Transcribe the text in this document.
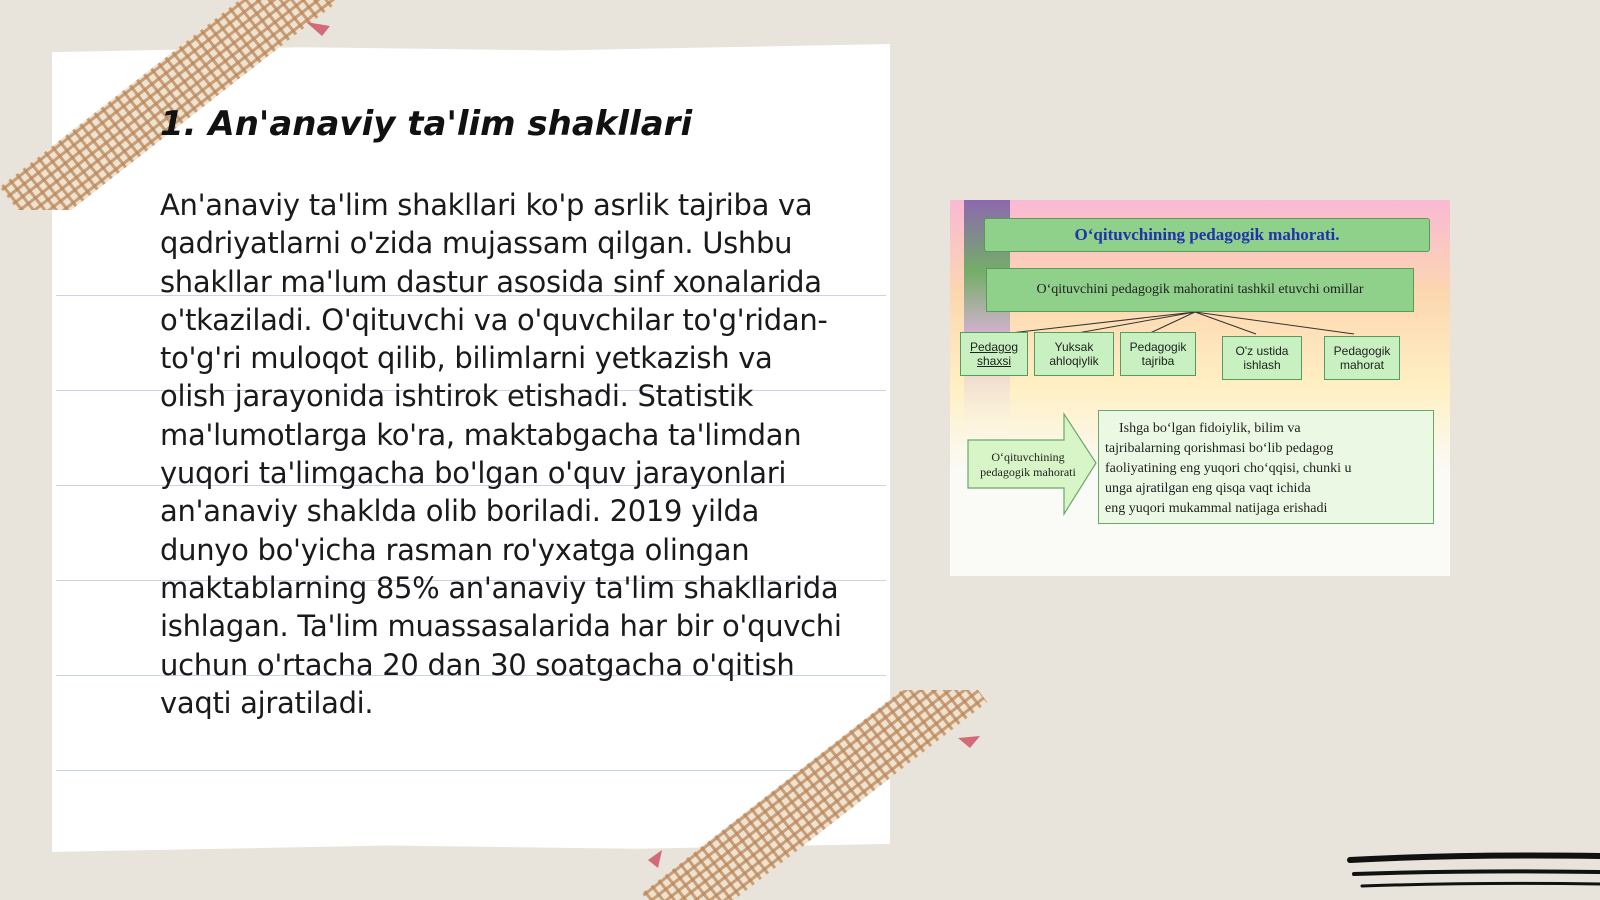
1. An'anaviy ta'lim shakllari

An'anaviy ta'lim shakllari ko'p asrlik tajriba va qadriyatlarni o'zida mujassam qilgan. Ushbu shakllar ma'lum dastur asosida sinf xonalarida o'tkaziladi. O'qituvchi va o'quvchilar to'g'ridan-to'g'ri muloqot qilib, bilimlarni yetkazish va olish jarayonida ishtirok etishadi. Statistik ma'lumotlarga ko'ra, maktabgacha ta'limdan yuqori ta'limgacha bo'lgan o'quv jarayonlari an'anaviy shaklda olib boriladi. 2019 yilda dunyo bo'yicha rasman ro'yxatga olingan maktablarning 85% an'anaviy ta'lim shakllarida ishlagan. Ta'lim muassasalarida har bir o'quvchi uchun o'rtacha 20 dan 30 soatgacha o'qitish vaqti ajratiladi.

O‘qituvchining pedagogik mahorati.
O‘qituvchini pedagogik mahoratini tashkil etuvchi omillar
Pedagog
shaxsi
Yuksak
ahloqiylik
Pedagogik
tajriba
O'z ustida
ishlash
Pedagogik
mahorat
O‘qituvchining
pedagogik mahorati
Ishga bo‘lgan fidoiylik, bilim va
tajribalarning qorishmasi bo‘lib pedagog
faoliyatining eng yuqori cho‘qqisi, chunki u
unga ajratilgan eng qisqa vaqt ichida
eng yuqori mukammal natijaga erishadi
